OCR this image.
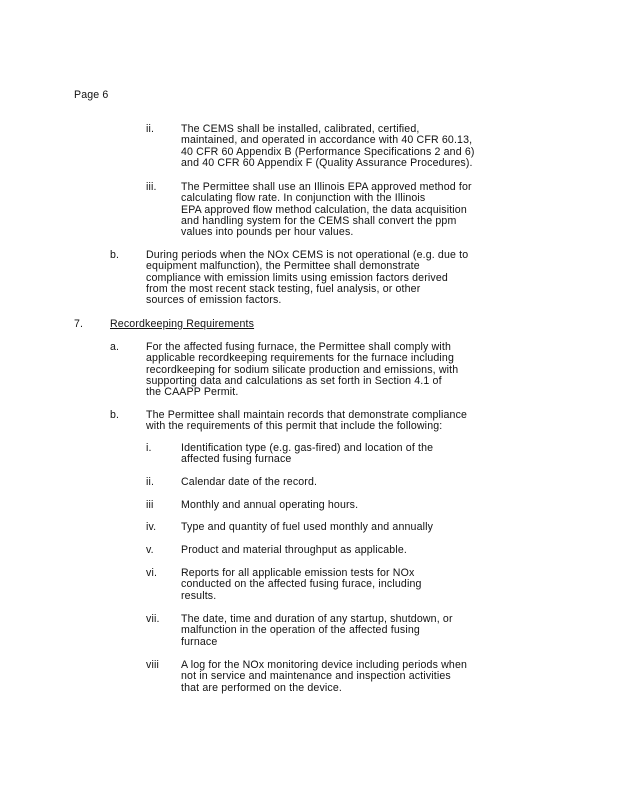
Page 6
ii.	The CEMS shall be installed, calibrated, certified,
maintained, and operated in accordance with 40 CFR 60.13,
40 CFR 60 Appendix B (Performance Specifications 2 and 6)
and 40 CFR 60 Appendix F (Quality Assurance Procedures).
iii. The Permittee shall use an Illinois EPA approved method for
calculating flow rate. In conjunction with the Illinois
EPA approved flow method calculation, the data acquisition
and handling system for the CEMS shall convert the ppm
values into pounds per hour values.
b.	During periods when the NOx CEMS is not operational (e.g. due to
equipment malfunction), the Permittee shall demonstrate
compliance with emission limits using emission factors derived
from the most recent stack testing, fuel analysis, or other
sources of emission factors.
7.	Recordkeeping Requirements
a.	For the affected fusing furnace, the Permittee shall comply with
applicable recordkeeping requirements for the furnace including
recordkeeping for sodium silicate production and emissions, with
supporting data and calculations as set forth in Section 4.1 of
the CAAPP Permit.
b.	The Permittee shall maintain records that demonstrate compliance
with the requirements of this permit that include the following:
i.	Identification type (e.g. gas-fired) and location of the
affected fusing furnace
ii.	Calendar date of the record.
iii	Monthly and annual operating hours.
iv. Type and quantity of fuel used monthly and annually
v.	Product and material throughput as applicable.
vi. Reports for all applicable emission tests for NOx
conducted on the affected fusing furace, including
results.
vii. The date, time and duration of any startup, shutdown, or
malfunction in the operation of the affected fusing
furnace
viii A log for the NOx monitoring device including periods when
not in service and maintenance and inspection activities
that are performed on the device.
